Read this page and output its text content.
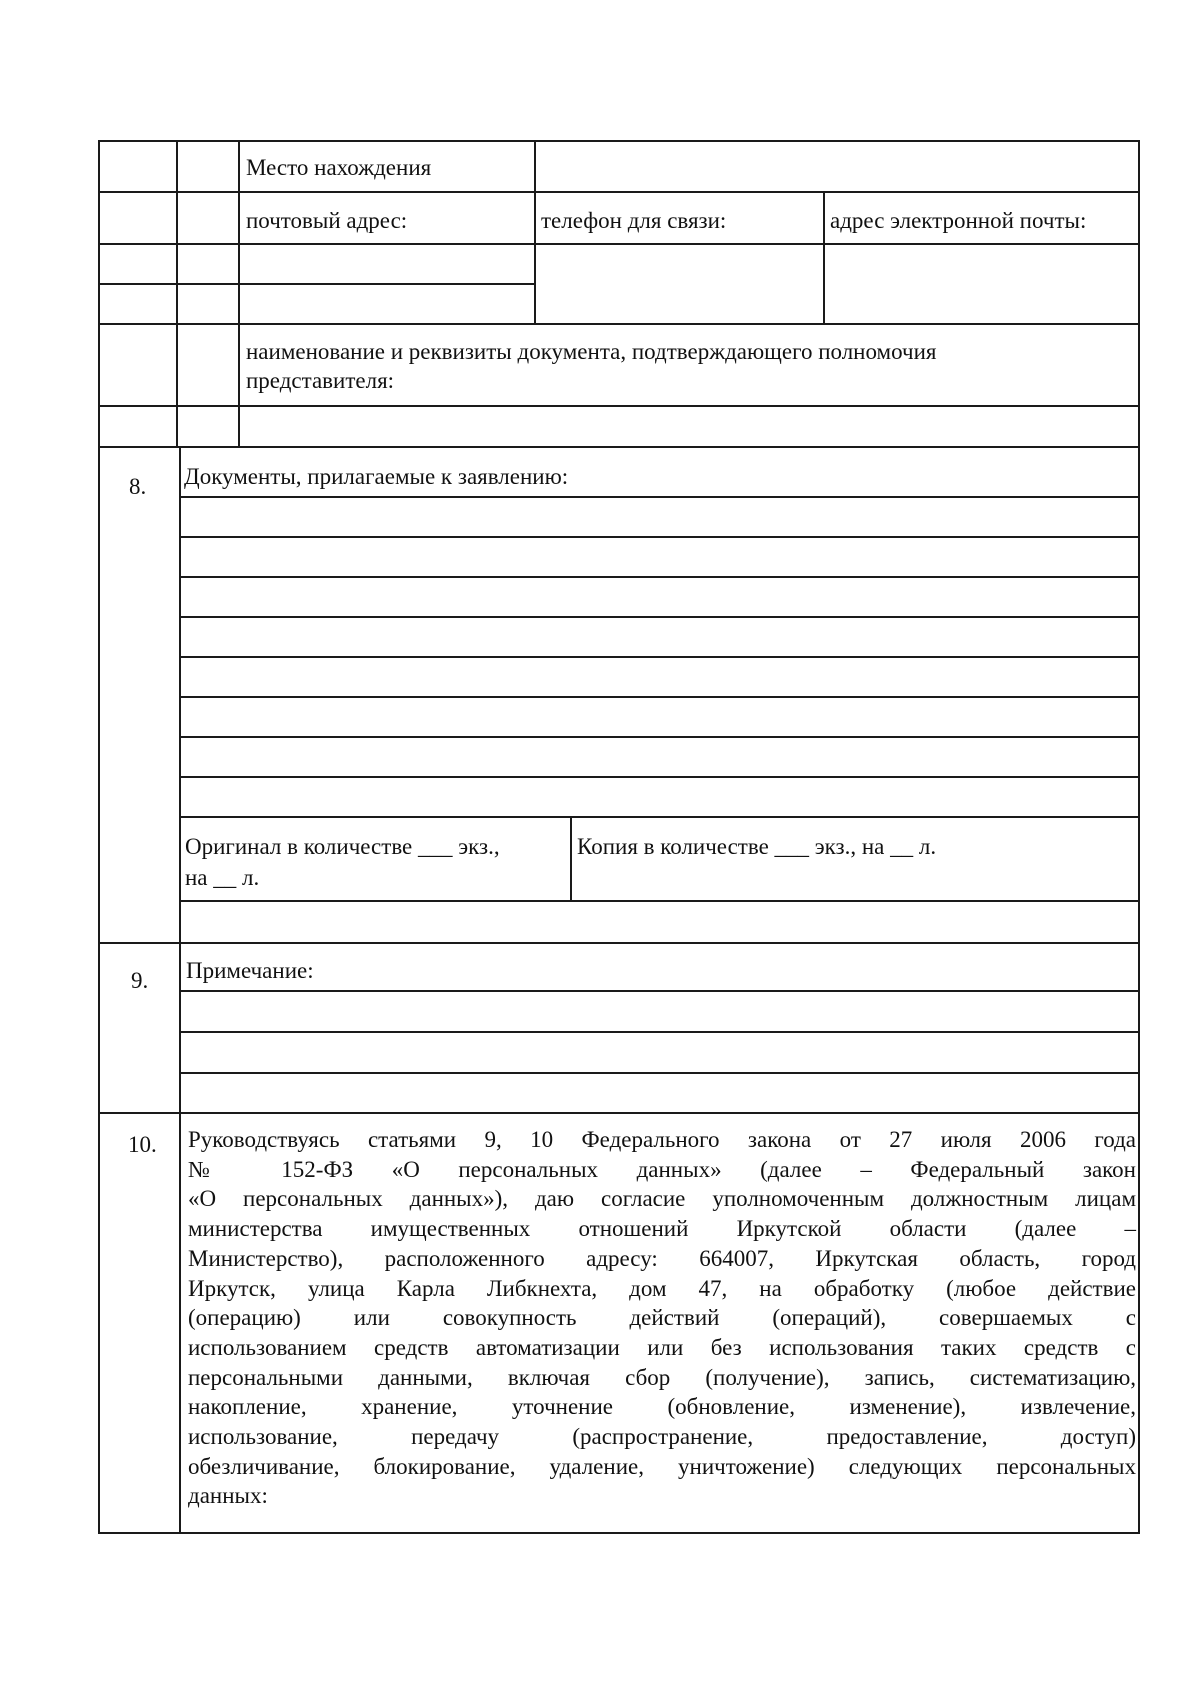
Место нахождения
почтовый адрес:	телефон для связи:	адрес электронной почты:
наименование и реквизиты документа, подтверждающего полномочия
представителя:
8. Документы, прилагаемые к заявлению:
Оригинал в количестве ___ экз.,
на __ л.
Копия в количестве ___ экз., на __ л.
9. Примечание:
10. Руководствуясь статьями 9, 10 Федерального закона от 27 июля 2006 года
№ 152-ФЗ «О персональных данных» (далее – Федеральный закон
«О персональных данных»), даю согласие уполномоченным должностным лицам
министерства имущественных отношений Иркутской области (далее –
Министерство), расположенного адресу: 664007, Иркутская область, город
Иркутск, улица Карла Либкнехта, дом 47, на обработку (любое действие
(операцию) или совокупность действий (операций), совершаемых с
использованием средств автоматизации или без использования таких средств с
персональными данными, включая сбор (получение), запись, систематизацию,
накопление, хранение, уточнение (обновление, изменение), извлечение,
использование, передачу (распространение, предоставление, доступ)
обезличивание, блокирование, удаление, уничтожение) следующих персональных
данных:
